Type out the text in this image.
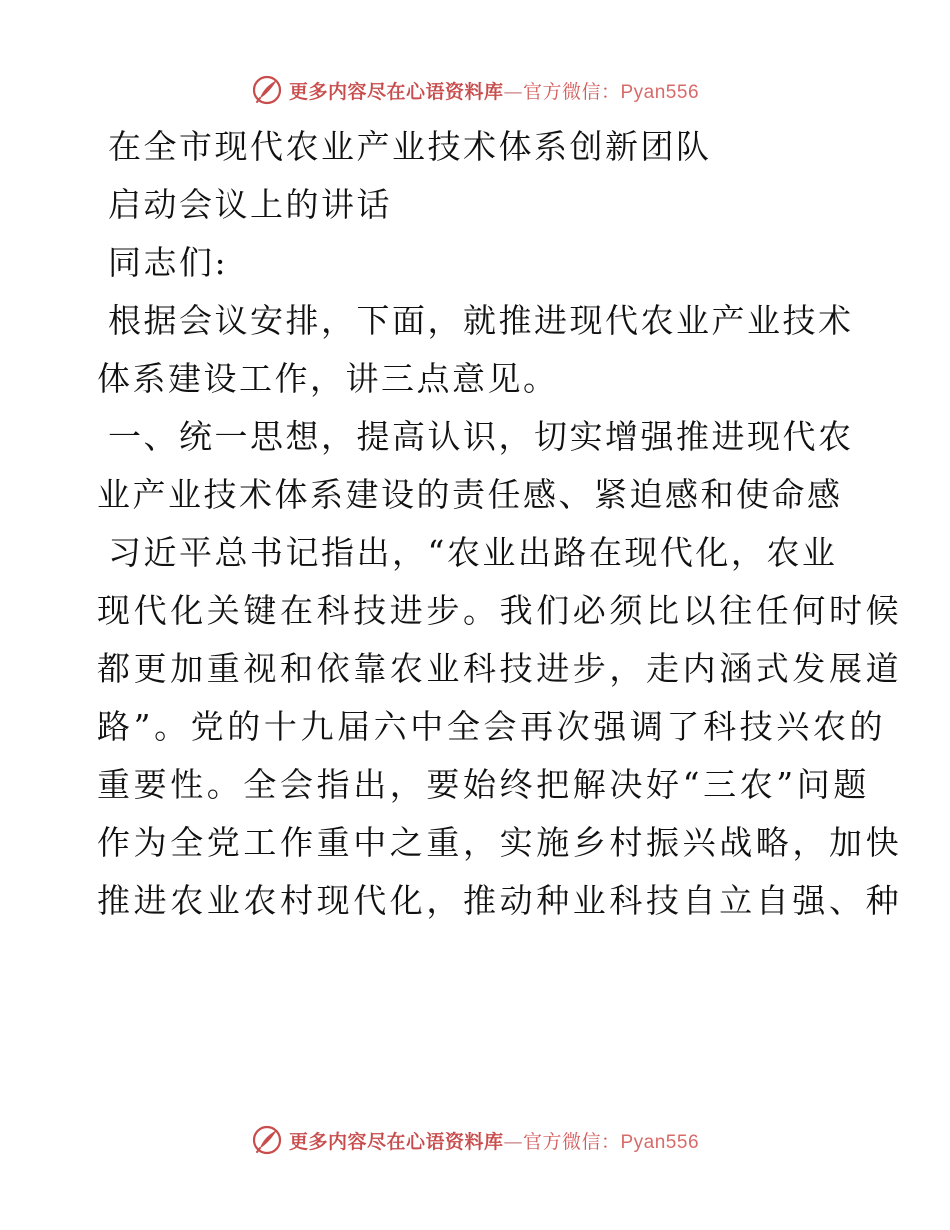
更多内容尽在心语资料库—官方微信：Pyan556
在全市现代农业产业技术体系创新团队
启动会议上的讲话
同志们:
根据会议安排，下面，就推进现代农业产业技术
体系建设工作，讲三点意见。
一、统一思想，提高认识，切实增强推进现代农
业产业技术体系建设的责任感、紧迫感和使命感
习近平总书记指出，“农业出路在现代化，农业
现代化关键在科技进步。我们必须比以往任何时候
都更加重视和依靠农业科技进步，走内涵式发展道
路”。党的十九届六中全会再次强调了科技兴农的
重要性。全会指出，要始终把解决好“三农”问题
作为全党工作重中之重，实施乡村振兴战略，加快
推进农业农村现代化，推动种业科技自立自强、种
更多内容尽在心语资料库—官方微信：Pyan556
